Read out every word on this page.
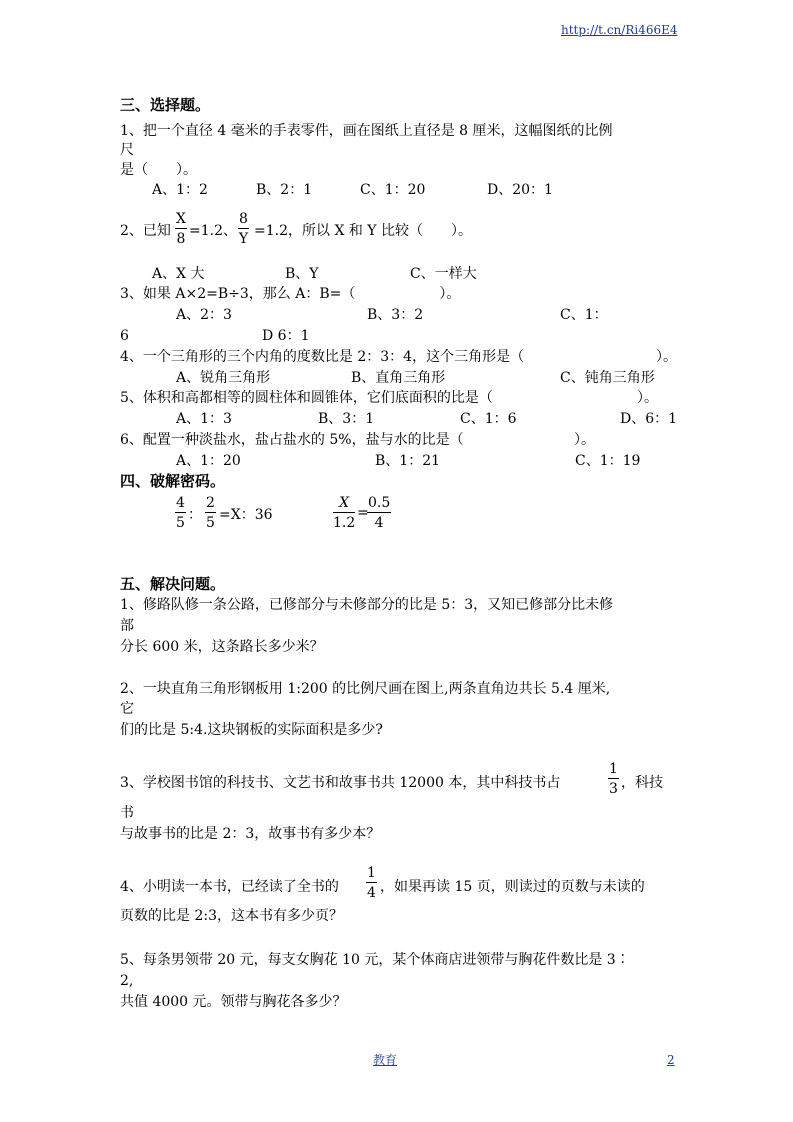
http://t.cn/Ri466E4
三、选择题。
1、把一个直径 4 毫米的手表零件，画在图纸上直径是 8 厘米，这幅图纸的比例
尺
是（　　）。
A、1：2	B、2：1	C、1：20	D、20：1
2、已知 $\frac{X}{8} =1.2$、 $\frac{8}{Y} =1.2$，所以 X 和 Y 比较（　　）。
A、X 大	B、Y	C、一样大
3、如果 A×2=B÷3，那么 A：B=（　　　　　　）。
A、2：3	B、3：2	C、1：
6	D 6：1
4、一个三角形的三个内角的度数比是 2：3：4，这个三角形是（	）。
A、锐角三角形	B、直角三角形	C、钝角三角形
5、体积和高都相等的圆柱体和圆锥体，它们底面积的比是（	）。
A、1：3	B、3：1	C、1：6	D、6：1
6、配置一种淡盐水，盐占盐水的 5%，盐与水的比是（	）。
A、1：20	B、1：21	C、1：19
四、破解密码。
$\frac{4}{5}$ ： $\frac{2}{5} =X$：36	$\frac{X}{1.2}$ =
$\frac{0.5}{4}$
五、解决问题。
1、修路队修一条公路，已修部分与未修部分的比是 5：3，又知已修部分比未修
部
分长 600 米，这条路长多少米？
2、一块直角三角形钢板用 1:200 的比例尺画在图上,两条直角边共长 5.4 厘米,
它
们的比是 5:4.这块钢板的实际面积是多少?
3、学校图书馆的科技书、文艺书和故事书共 12000 本，其中科技书占	$\frac{1}{3}$ ，科技
书
与故事书的比是 2：3，故事书有多少本？
4、小明读一本书，已经读了全书的 $\frac{1}{4}$ ，如果再读 15 页，则读过的页数与未读的
页数的比是 2:3，这本书有多少页？
5、每条男领带 20 元，每支女胸花 10 元，某个体商店进领带与胸花件数比是 3∶
2,
共值 4000 元。领带与胸花各多少？
教育	2
